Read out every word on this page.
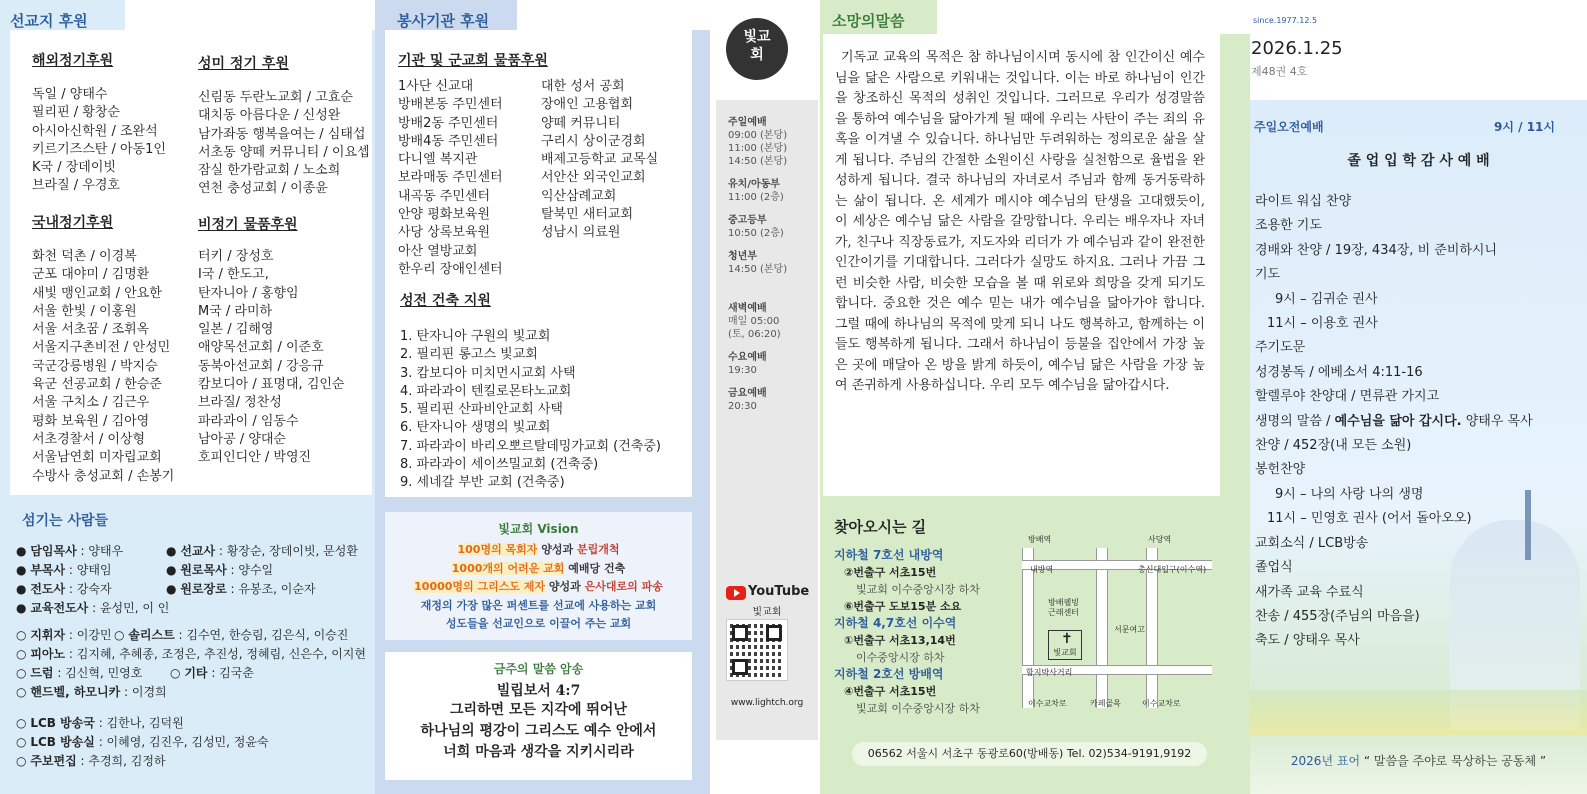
선교지 후원
해외정기후원
독일 / 양태수
필리핀 / 황창순
아시아신학원 / 조완석
키르기즈스탄 / 아동1인
K국 / 장데이빗
브라질 / 우경호
성미 정기 후원
신림동 두란노교회 / 고효순
대치동 아름다운 / 신성완
남가좌동 행복을여는 / 심태섭
서초동 양떼 커뮤니티 / 이요셉
잠실 한가람교회 / 노소희
연천 충성교회 / 이종윤
국내정기후원
화천 덕촌 / 이경복
군포 대야미 / 김명환
새빛 맹인교회 / 안요한
서울 한빛 / 이홍원
서울 서초꿈 / 조휘옥
서울지구촌비전 / 안성민
국군강릉병원 / 박지승
육군 선공교회 / 한승준
서울 구치소 / 김근우
평화 보육원 / 김아영
서초경찰서 / 이상형
서울남연회 미자립교회
수방사 충성교회 / 손봉기
비정기 물품후원
터키 / 장성호
I국 / 한도고,
탄자니아 / 홍향임
M국 / 라미하
일본 / 김해영
애양목선교회 / 이준호
동북아선교회 / 강응규
캄보디아 / 표명대, 김인순
브라질/ 정찬성
파라과이 / 임동수
남아공 / 양대순
호피인디안 / 박영진
섬기는 사람들
● 담임목사 : 양태우	● 선교사 : 황장순, 장데이빗, 문성환
● 부목사 : 양태임	● 원로목사 : 양수일
● 전도사 : 강숙자	● 원로장로 : 유봉조, 이순자
● 교육전도사 : 윤성민, 이 인
○ 지휘자 : 이강민 ○ 솔리스트 : 김수연, 한승림, 김은식, 이승진
○ 피아노 : 김지혜, 추혜종, 조정은, 추진성, 정혜림, 신은수, 이지현
○ 드럼 : 김신혁, 민영호 ○ 기타 : 김국춘
○ 핸드벨, 하모니카 : 이경희
○ LCB 방송국 : 김한나, 김덕원
○ LCB 방송실 : 이혜영, 김진우, 김성민, 정윤숙
○ 주보편집 : 추경희, 김정하
봉사기관 후원
기관 및 군교회 물품후원
1사단 신교대
방배본동 주민센터
방배2동 주민센터
방배4동 주민센터
다니엘 복지관
보라매동 주민센터
내곡동 주민센터
안양 평화보육원
사당 상록보육원
아산 열방교회
한우리 장애인센터
대한 성서 공회
장애인 고용협회
양떼 커뮤니티
구리시 상이군경회
배제고등학교 교목실
서안산 외국인교회
익산삼례교회
탈북민 새터교회
성남시 의료원
성전 건축 지원
1. 탄자니아 구원의 빛교회
2. 필리핀 롱고스 빛교회
3. 캄보디아 미치먼시교회 사택
4. 파라과이 텐킬로몬타노교회
5. 필리핀 산파비안교회 사택
6. 탄자니아 생명의 빛교회
7. 파라과이 바리오뽀르탈데밍가교회 (건축중)
8. 파라과이 세이쓰밀교회 (건축중)
9. 세네갈 부반 교회 (건축중)
빛교회 Vision
100명의 목회자 양성과 분립개척
1000개의 어려운 교회 예배당 건축
10000명의 그리스도 제자 양성과 은사대로의 파송
재정의 가장 많은 퍼센트를 선교에 사용하는 교회
성도들을 선교인으로 이끌어 주는 교회
금주의 말씀 암송
빌립보서 4:7
그리하면 모든 지각에 뛰어난
하나님의 평강이 그리스도 예수 안에서
너희 마음과 생각을 지키시리라
빛교회
주일예배
09:00 (본당)
11:00 (본당)
14:50 (본당)
유치/아동부
11:00 (2층)
중고등부
10:50 (2층)
청년부
14:50 (본당)
새벽예배
매일 05:00
(토, 06:20)
수요예배
19:30
금요예배
20:30
YouTube
빛교회
www.lightch.org
소망의말씀
기독교 교육의 목적은 참 하나님이시며 동시에 참 인간이신 예수님을 닮은 사람으로 키워내는 것입니다. 이는 바로 하나님이 인간을 창조하신 목적의 성취인 것입니다. 그러므로 우리가 성경말씀을 통하여 예수님을 닮아가게 될 때에 우리는 사탄이 주는 죄의 유혹을 이겨낼 수 있습니다. 하나님만 두려워하는 정의로운 삶을 살게 됩니다. 주님의 간절한 소원이신 사랑을 실천함으로 율법을 완성하게 됩니다. 결국 하나님의 자녀로서 주님과 함께 동거동락하는 삶이 됩니다. 온 세계가 메시야 예수님의 탄생을 고대했듯이, 이 세상은 예수님 닮은 사람을 갈망합니다. 우리는 배우자나 자녀가, 친구나 직장동료가, 지도자와 리더가 가 예수님과 같이 완전한 인간이기를 기대합니다. 그러다가 실망도 하지요. 그러나 가끔 그런 비슷한 사람, 비슷한 모습을 볼 때 위로와 희망을 갖게 되기도 합니다. 중요한 것은 예수 믿는 내가 예수님을 닮아가야 합니다. 그럴 때에 하나님의 목적에 맞게 되니 나도 행복하고, 함께하는 이들도 행복하게 됩니다. 그래서 하나님이 등불을 집안에서 가장 높은 곳에 매달아 온 방을 밝게 하듯이, 예수님 닮은 사람을 가장 높여 존귀하게 사용하십니다. 우리 모두 예수님을 닮아갑시다.
찾아오시는 길
지하철 7호선 내방역
②번출구 서초15번
빛교회 이수중앙시장 하차
⑥번출구 도보15분 소요
지하철 4,7호선 이수역
①번출구 서초13,14번
이수중앙시장 하차
지하철 2호선 방배역
④번출구 서초15번
빛교회 이수중앙시장 하차
방배역	사당역
내방역	총신대입구(이수역)
방배웰빙 근래센터
✝
빛교회
서문여고
함지박사거리
이수교차로	카페골목	이수교차로
06562 서울시 서초구 동광로60(방배동) Tel. 02)534-9191,9192
since.1977.12.5
2026.1.25
제48권 4호
주일오전예배	9시 / 11시
졸 업 입 학 감 사 예 배
라이트 워십 찬양
조용한 기도
경배와 찬양 / 19장, 434장, 비 준비하시니
기도
9시 – 김귀순 권사
11시 – 이용호 권사
주기도문
성경봉독 / 에베소서 4:11-16
할렐루야 찬양대 / 면류관 가지고
생명의 말씀 / 예수님을 닮아 갑시다. 양태우 목사
찬양 / 452장(내 모든 소원)
봉헌찬양
9시 – 나의 사랑 나의 생명
11시 – 민영호 권사 (어서 돌아오오)
교회소식 / LCB방송
졸업식
새가족 교육 수료식
찬송 / 455장(주님의 마음을)
축도 / 양태우 목사
2026년 표어 “ 말씀을 주야로 묵상하는 공동체 ”
